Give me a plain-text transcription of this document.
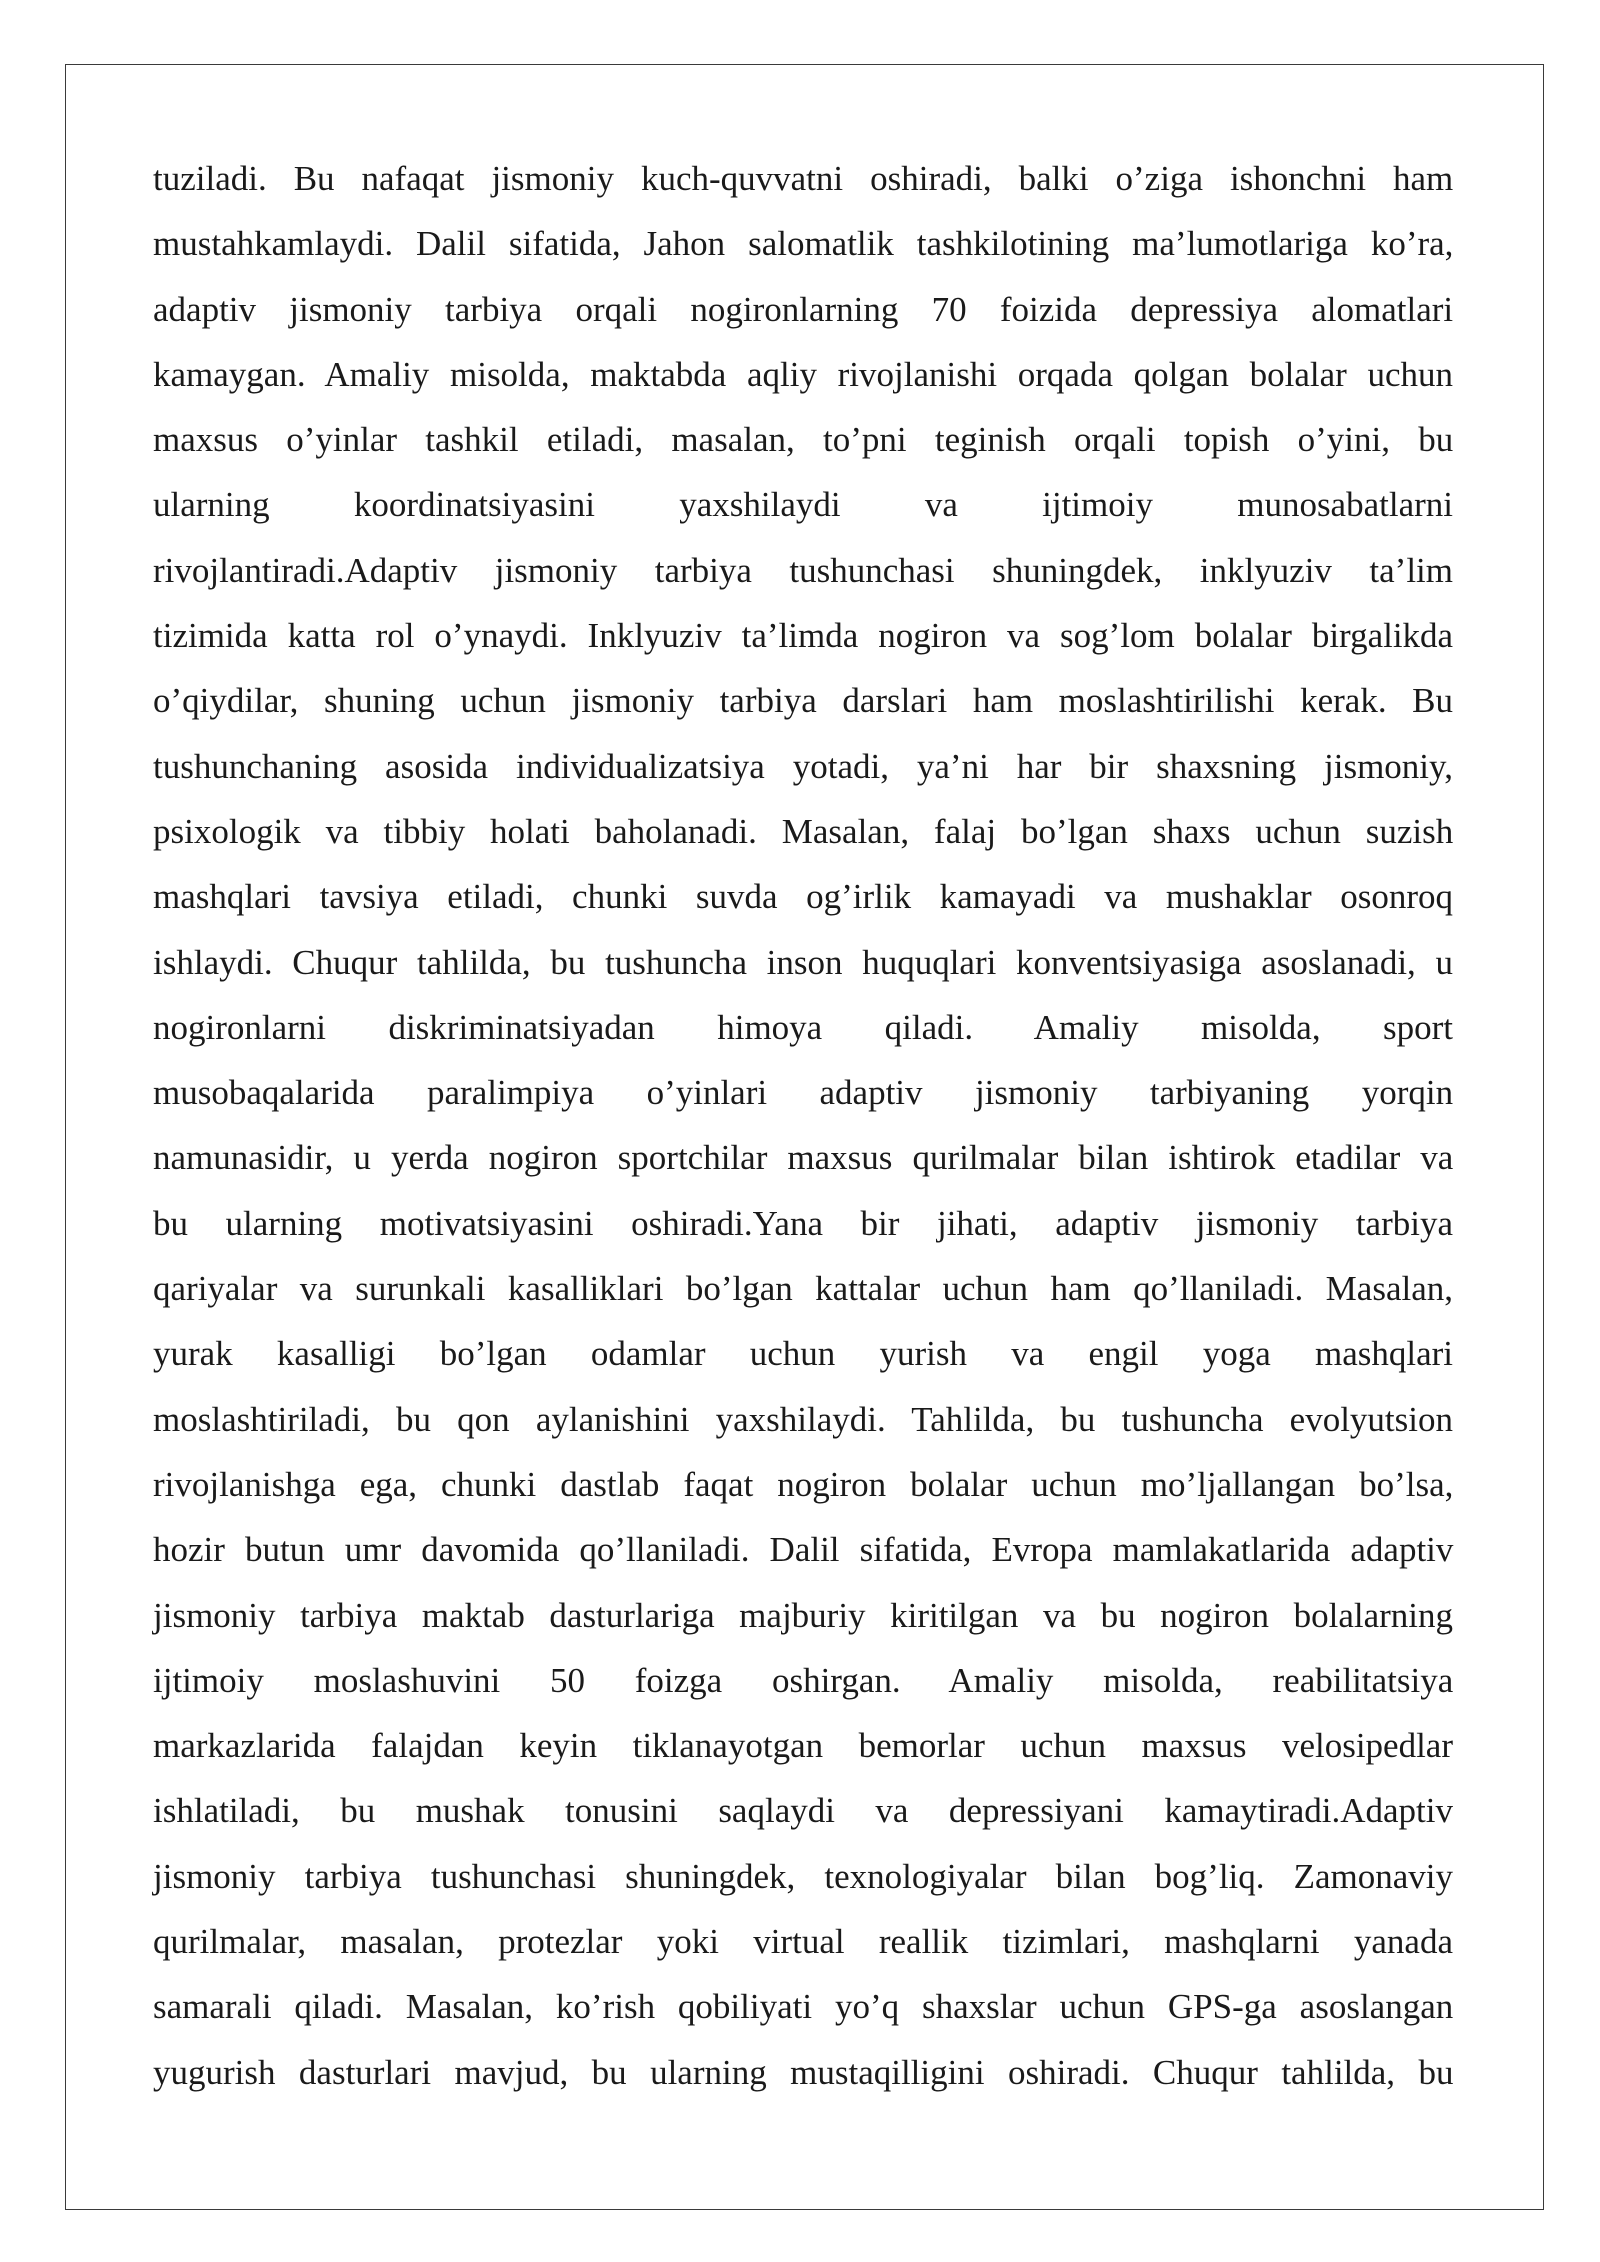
tuziladi. Bu nafaqat jismoniy kuch-quvvatni oshiradi, balki o’ziga ishonchni ham
mustahkamlaydi. Dalil sifatida, Jahon salomatlik tashkilotining ma’lumotlariga ko’ra,
adaptiv jismoniy tarbiya orqali nogironlarning 70 foizida depressiya alomatlari
kamaygan. Amaliy misolda, maktabda aqliy rivojlanishi orqada qolgan bolalar uchun
maxsus o’yinlar tashkil etiladi, masalan, to’pni teginish orqali topish o’yini, bu
ularning koordinatsiyasini yaxshilaydi va ijtimoiy munosabatlarni
rivojlantiradi.Adaptiv jismoniy tarbiya tushunchasi shuningdek, inklyuziv ta’lim
tizimida katta rol o’ynaydi. Inklyuziv ta’limda nogiron va sog’lom bolalar birgalikda
o’qiydilar, shuning uchun jismoniy tarbiya darslari ham moslashtirilishi kerak. Bu
tushunchaning asosida individualizatsiya yotadi, ya’ni har bir shaxsning jismoniy,
psixologik va tibbiy holati baholanadi. Masalan, falaj bo’lgan shaxs uchun suzish
mashqlari tavsiya etiladi, chunki suvda og’irlik kamayadi va mushaklar osonroq
ishlaydi. Chuqur tahlilda, bu tushuncha inson huquqlari konventsiyasiga asoslanadi, u
nogironlarni diskriminatsiyadan himoya qiladi. Amaliy misolda, sport
musobaqalarida paralimpiya o’yinlari adaptiv jismoniy tarbiyaning yorqin
namunasidir, u yerda nogiron sportchilar maxsus qurilmalar bilan ishtirok etadilar va
bu ularning motivatsiyasini oshiradi.Yana bir jihati, adaptiv jismoniy tarbiya
qariyalar va surunkali kasalliklari bo’lgan kattalar uchun ham qo’llaniladi. Masalan,
yurak kasalligi bo’lgan odamlar uchun yurish va engil yoga mashqlari
moslashtiriladi, bu qon aylanishini yaxshilaydi. Tahlilda, bu tushuncha evolyutsion
rivojlanishga ega, chunki dastlab faqat nogiron bolalar uchun mo’ljallangan bo’lsa,
hozir butun umr davomida qo’llaniladi. Dalil sifatida, Evropa mamlakatlarida adaptiv
jismoniy tarbiya maktab dasturlariga majburiy kiritilgan va bu nogiron bolalarning
ijtimoiy moslashuvini 50 foizga oshirgan. Amaliy misolda, reabilitatsiya
markazlarida falajdan keyin tiklanayotgan bemorlar uchun maxsus velosipedlar
ishlatiladi, bu mushak tonusini saqlaydi va depressiyani kamaytiradi.Adaptiv
jismoniy tarbiya tushunchasi shuningdek, texnologiyalar bilan bog’liq. Zamonaviy
qurilmalar, masalan, protezlar yoki virtual reallik tizimlari, mashqlarni yanada
samarali qiladi. Masalan, ko’rish qobiliyati yo’q shaxslar uchun GPS-ga asoslangan
yugurish dasturlari mavjud, bu ularning mustaqilligini oshiradi. Chuqur tahlilda, bu
